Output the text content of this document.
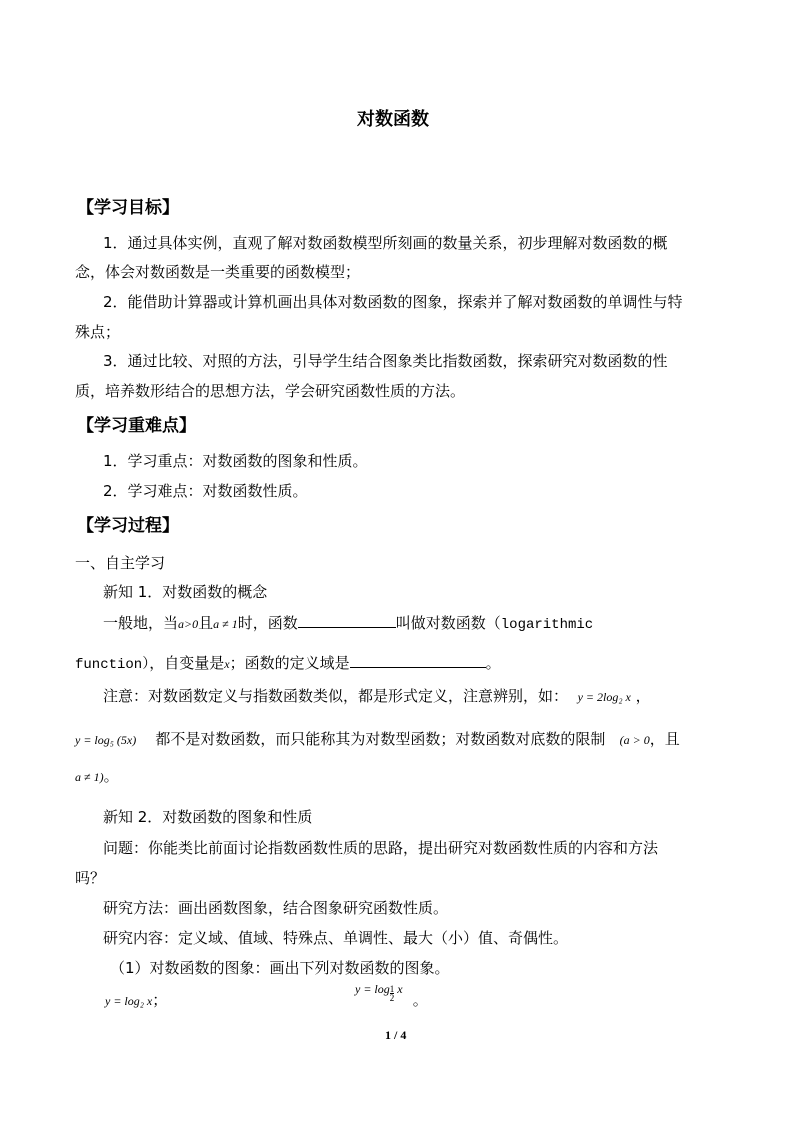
对数函数
【学习目标】
1．通过具体实例，直观了解对数函数模型所刻画的数量关系，初步理解对数函数的概
念，体会对数函数是一类重要的函数模型；
2．能借助计算器或计算机画出具体对数函数的图象，探索并了解对数函数的单调性与特
殊点；
3．通过比较、对照的方法，引导学生结合图象类比指数函数，探索研究对数函数的性
质，培养数形结合的思想方法，学会研究函数性质的方法。
【学习重难点】
1．学习重点：对数函数的图象和性质。
2．学习难点：对数函数性质。
【学习过程】
一、自主学习
新知 1．对数函数的概念
一般地，当a>0且a ≠ 1时，函数	叫做对数函数（logarithmic
function），自变量是x；函数的定义域是	。
注意：对数函数定义与指数函数类似，都是形式定义，注意辨别，如： y = 2log₂ x ，
y = log₅ (5x) 都不是对数函数，而只能称其为对数型函数；对数函数对底数的限制 (a > 0，且
a ≠ 1)。
新知 2．对数函数的图象和性质
问题：你能类比前面讨论指数函数性质的思路，提出研究对数函数性质的内容和方法
吗？
研究方法：画出函数图象，结合图象研究函数性质。
研究内容：定义域、值域、特殊点、单调性、最大（小）值、奇偶性。
（1）对数函数的图象：画出下列对数函数的图象。
y = log₂ x；
$y = \log \frac{1}{2}$ x  。
1 / 4
